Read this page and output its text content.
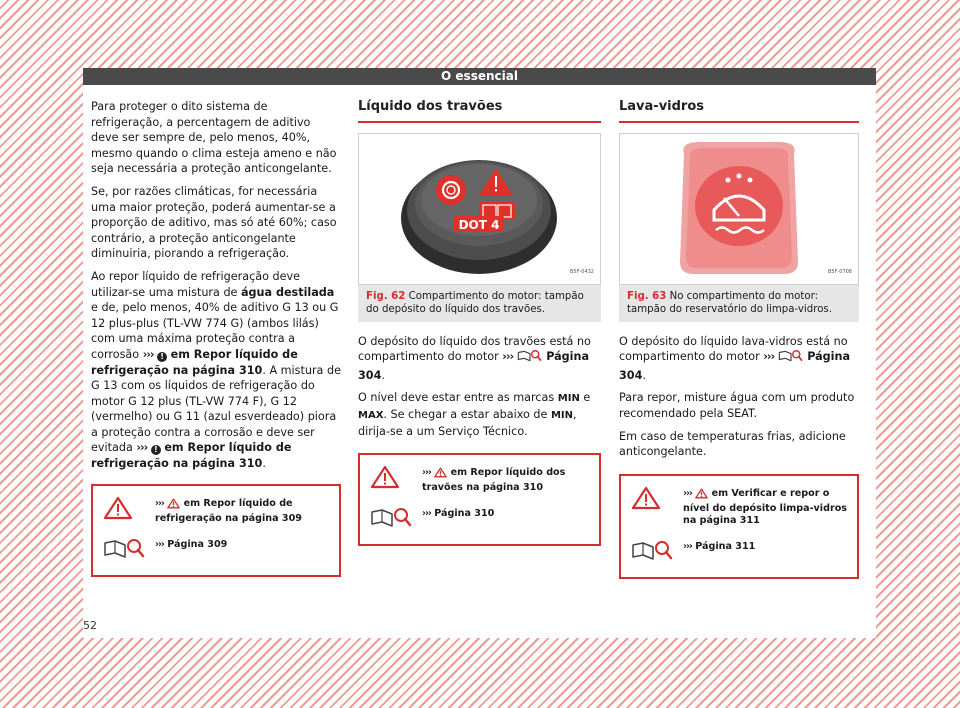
O essencial

Para proteger o dito sistema de refrigeração, a percentagem de aditivo deve ser sempre de, pelo menos, 40%, mesmo quando o clima esteja ameno e não seja necessária a proteção anticongelante.

Se, por razões climáticas, for necessária uma maior proteção, poderá aumentar-se a proporção de aditivo, mas só até 60%; caso contrário, a proteção anticongelante diminuiria, piorando a refrigeração.

Ao repor líquido de refrigeração deve utilizar-se uma mistura de água destilada e de, pelo menos, 40% de aditivo G 13 ou G 12 plus-plus (TL-VW 774 G) (ambos lilás) com uma máxima proteção contra a corrosão ››› ! em Repor líquido de refrigeração na página 310. A mistura de G 13 com os líquidos de refrigeração do motor G 12 plus (TL-VW 774 F), G 12 (vermelho) ou G 11 (azul esverdeado) piora a proteção contra a corrosão e deve ser evitada ››› ! em Repor líquido de refrigeração na página 310.

››› em Repor líquido de refrigeração na página 309
››› Página 309
Líquido dos travões
DOT 4
B5F-0432
Fig. 62 Compartimento do motor: tampão do depósito do líquido dos travões.

O depósito do líquido dos travões está no compartimento do motor ›››	Página 304.

O nível deve estar entre as marcas MIN e MAX. Se chegar a estar abaixo de MIN, dirija-se a um Serviço Técnico.

››› em Repor líquido dos travões na página 310
››› Página 310
Lava-vidros
B5F-0708
Fig. 63 No compartimento do motor: tampão do reservatório do limpa-vidros.

O depósito do líquido lava-vidros está no compartimento do motor ›››	Página 304.

Para repor, misture água com um produto recomendado pela SEAT.

Em caso de temperaturas frias, adicione anticongelante.

››› em Verificar e repor o nível do depósito limpa-vidros na página 311
››› Página 311
52
